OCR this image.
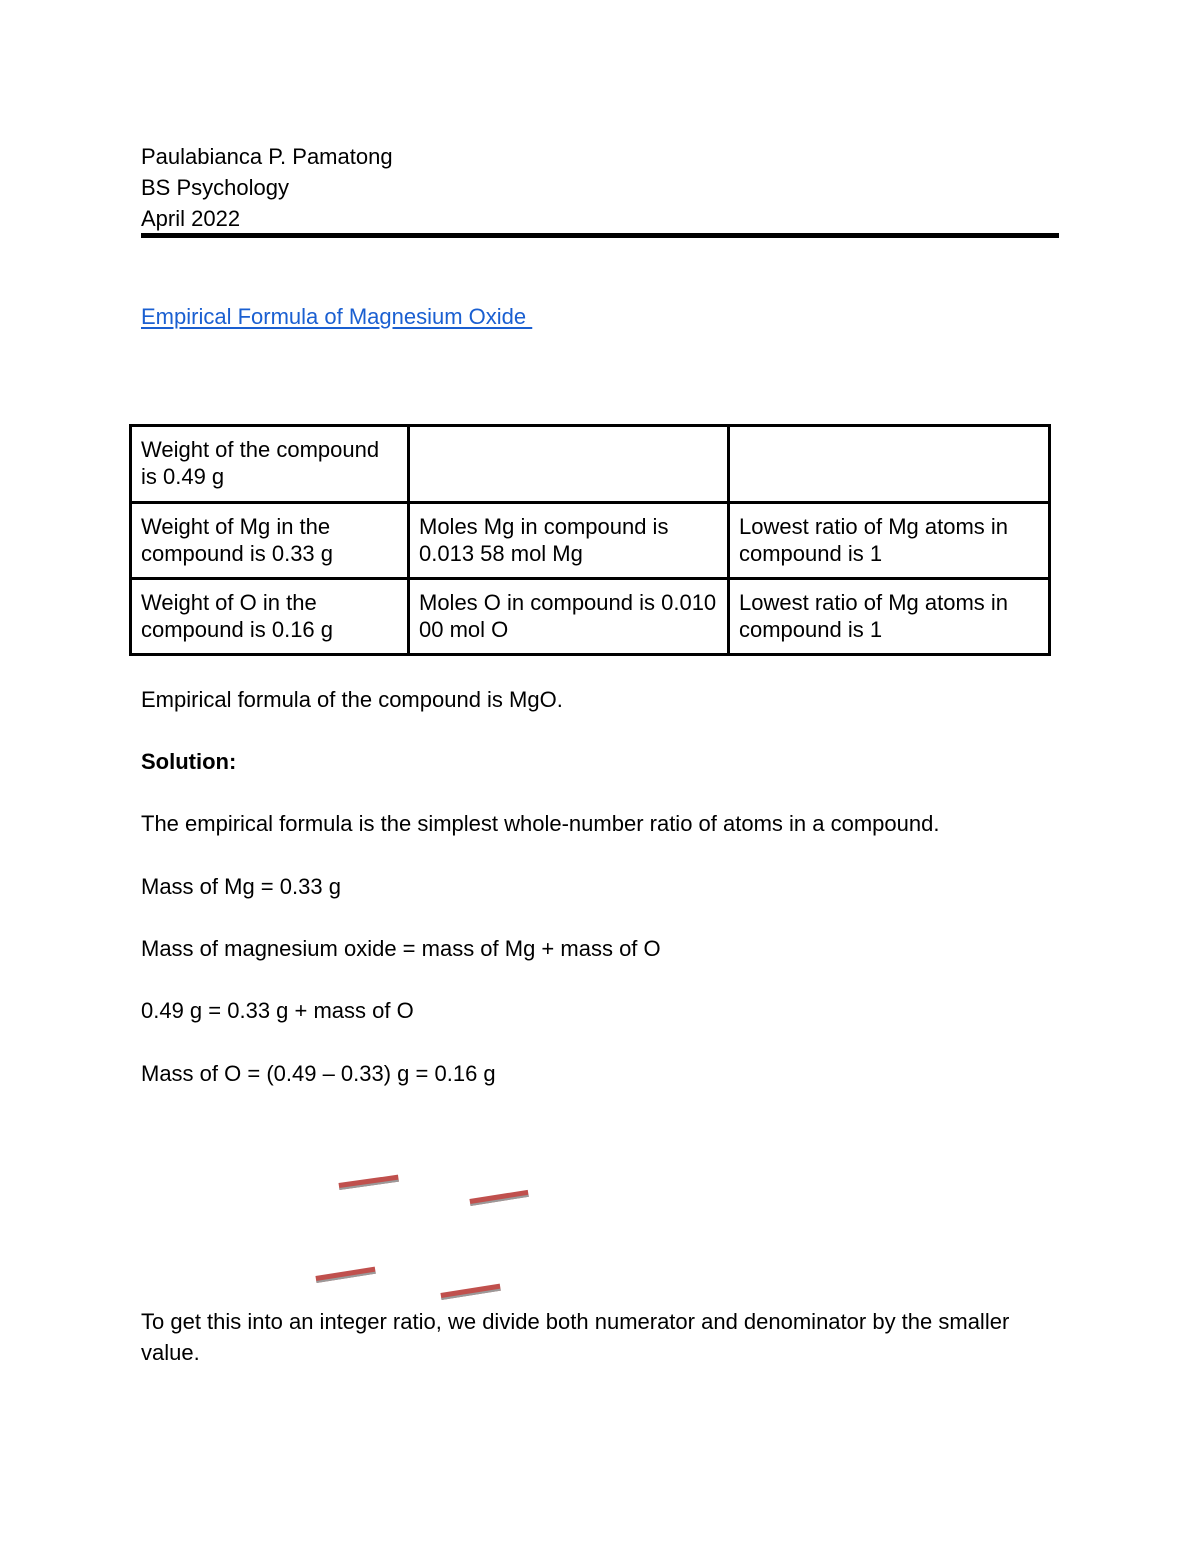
Paulabianca P. Pamatong
BS Psychology
April 2022
Empirical Formula of Magnesium Oxide
Weight of the compound is 0.49 g		
Weight of Mg in the compound is 0.33 g	Moles Mg in compound is 0.013 58 mol Mg	Lowest ratio of Mg atoms in compound is 1
Weight of O in the compound is 0.16 g	Moles O in compound is 0.010 00 mol O	Lowest ratio of Mg atoms in compound is 1
Empirical formula of the compound is MgO.
Solution:
The empirical formula is the simplest whole-number ratio of atoms in a compound.
Mass of Mg = 0.33 g
Mass of magnesium oxide = mass of Mg + mass of O
0.49 g = 0.33 g + mass of O
Mass of O = (0.49 – 0.33) g = 0.16 g
To get this into an integer ratio, we divide both numerator and denominator by the smaller value.
